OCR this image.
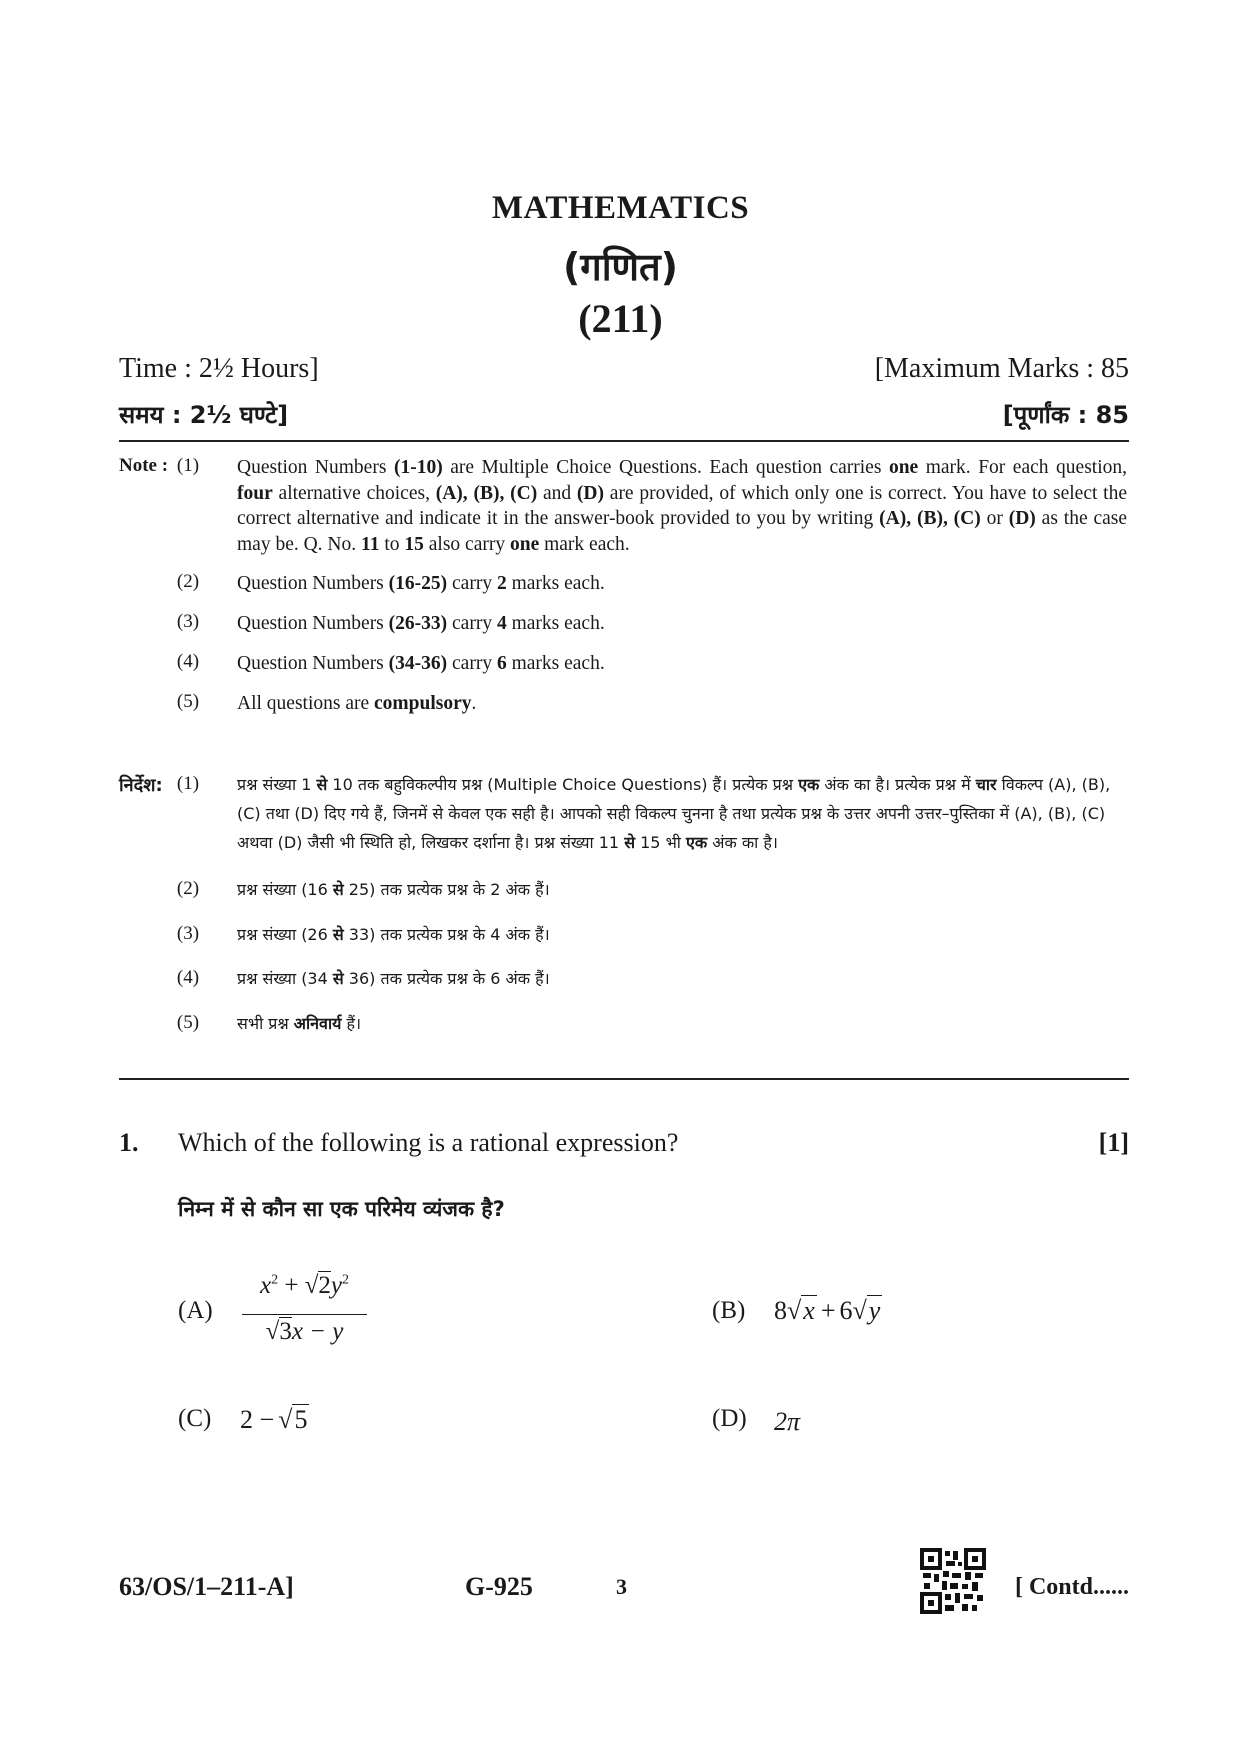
MATHEMATICS
(गणित)
(211)
Time : 2½ Hours]	[Maximum Marks : 85
समय : 2½ घण्टे]	[पूर्णांक : 85
Note : (1)	Question Numbers (1-10) are Multiple Choice Questions. Each question carries one mark. For each question, four alternative choices, (A), (B), (C) and (D) are provided, of which only one is correct. You have to select the correct alternative and indicate it in the answer-book provided to you by writing (A), (B), (C) or (D) as the case may be. Q. No. 11 to 15 also carry one mark each.
(2)	Question Numbers (16-25) carry 2 marks each.
(3)	Question Numbers (26-33) carry 4 marks each.
(4)	Question Numbers (34-36) carry 6 marks each.
(5)	All questions are compulsory.
निर्देश: (1)	प्रश्न संख्या 1 से 10 तक बहुविकल्पीय प्रश्न (Multiple Choice Questions) हैं। प्रत्येक प्रश्न एक अंक का है। प्रत्येक प्रश्न में चार विकल्प (A), (B), (C) तथा (D) दिए गये हैं, जिनमें से केवल एक सही है। आपको सही विकल्प चुनना है तथा प्रत्येक प्रश्न के उत्तर अपनी उत्तर–पुस्तिका में (A), (B), (C) अथवा (D) जैसी भी स्थिति हो, लिखकर दर्शाना है। प्रश्न संख्या 11 से 15 भी एक अंक का है।
(2)	प्रश्न संख्या (16 से 25) तक प्रत्येक प्रश्न के 2 अंक हैं।
(3)	प्रश्न संख्या (26 से 33) तक प्रत्येक प्रश्न के 4 अंक हैं।
(4)	प्रश्न संख्या (34 से 36) तक प्रत्येक प्रश्न के 6 अंक हैं।
(5)	सभी प्रश्न अनिवार्य हैं।
1. Which of the following is a rational expression?	[1]
निम्न में से कौन सा एक परिमेय व्यंजक है?
(A)
$x^2 + √2y^2$
√3x − y
(B) 8√x + 6√y
(C) 2 − √5	(D) 2π
63/OS/1–211-A]	G-925	3	[ Contd......
